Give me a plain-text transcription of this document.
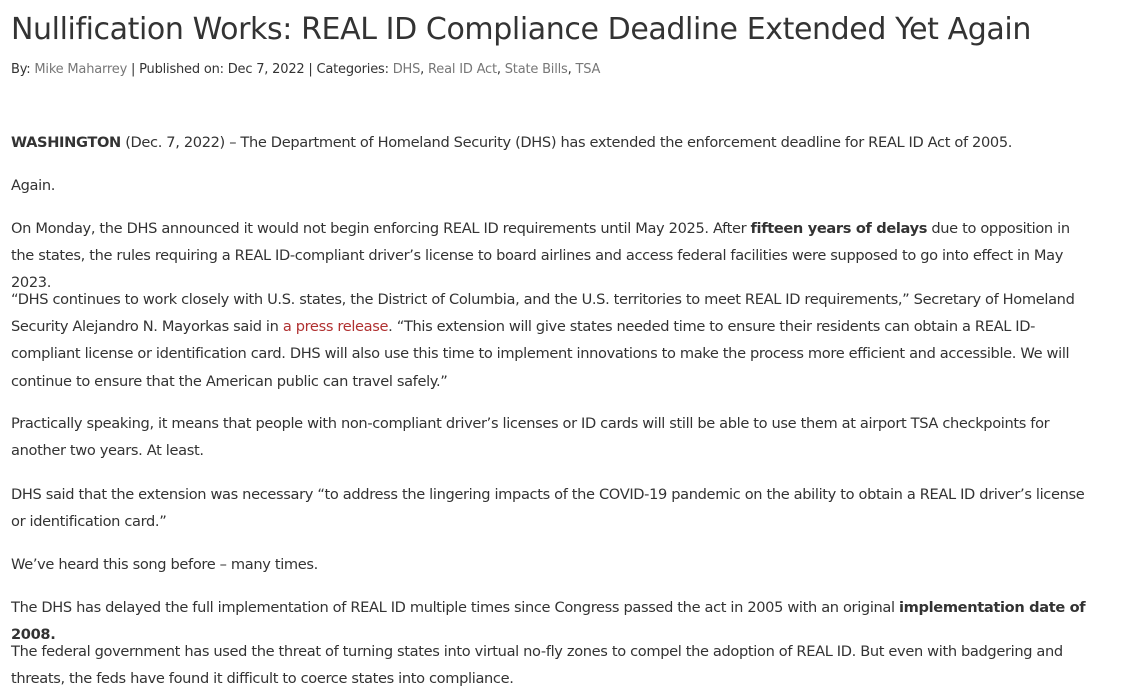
Nullification Works: REAL ID Compliance Deadline Extended Yet Again
By: Mike Maharrey | Published on: Dec 7, 2022 | Categories: DHS, Real ID Act, State Bills, TSA

WASHINGTON (Dec. 7, 2022) – The Department of Homeland Security (DHS) has extended the enforcement deadline for REAL ID Act of 2005.

Again.

On Monday, the DHS announced it would not begin enforcing REAL ID requirements until May 2025. After fifteen years of delays due to opposition in the states, the rules requiring a REAL ID-compliant driver’s license to board airlines and access federal facilities were supposed to go into effect in May 2023.

“DHS continues to work closely with U.S. states, the District of Columbia, and the U.S. territories to meet REAL ID requirements,” Secretary of Homeland Security Alejandro N. Mayorkas said in a press release. “This extension will give states needed time to ensure their residents can obtain a REAL ID-compliant license or identification card. DHS will also use this time to implement innovations to make the process more efficient and accessible. We will continue to ensure that the American public can travel safely.”

Practically speaking, it means that people with non-compliant driver’s licenses or ID cards will still be able to use them at airport TSA checkpoints for another two years. At least.

DHS said that the extension was necessary “to address the lingering impacts of the COVID-19 pandemic on the ability to obtain a REAL ID driver’s license or identification card.”

We’ve heard this song before – many times.

The DHS has delayed the full implementation of REAL ID multiple times since Congress passed the act in 2005 with an original implementation date of 2008.

The federal government has used the threat of turning states into virtual no-fly zones to compel the adoption of REAL ID. But even with badgering and threats, the feds have found it difficult to coerce states into compliance.
